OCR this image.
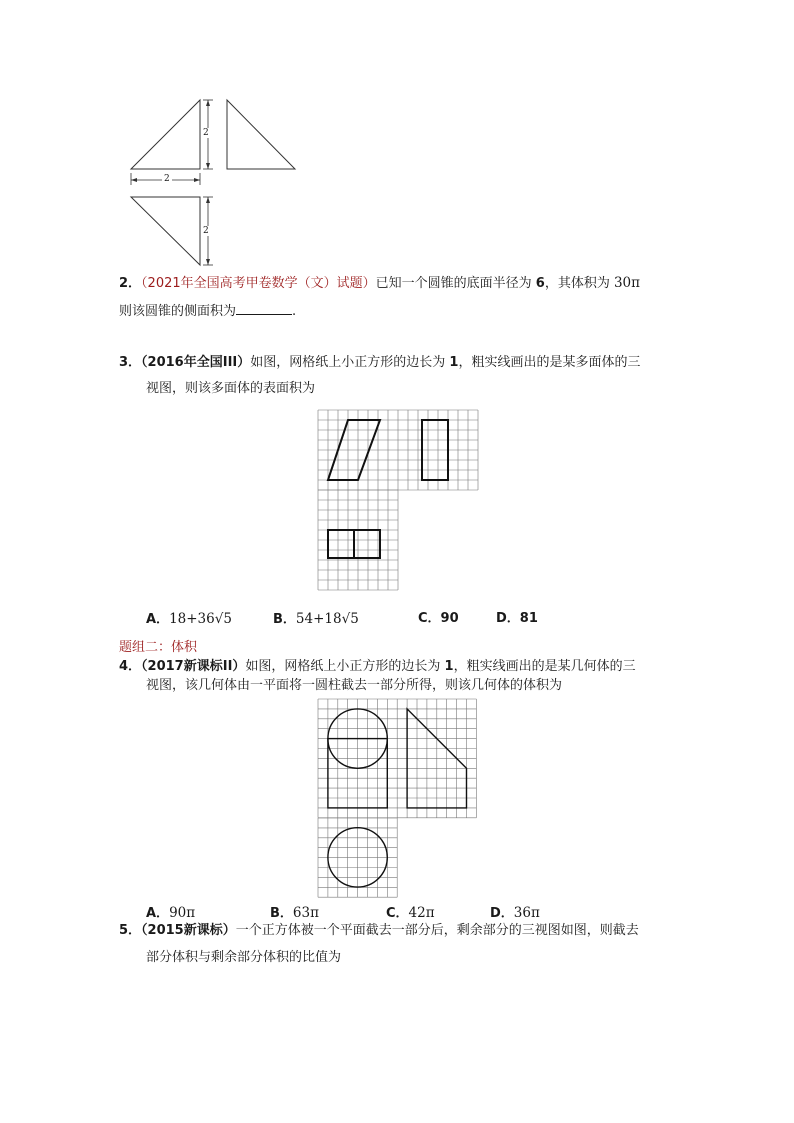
2
2
2
2．（2021年全国高考甲卷数学（文）试题）已知一个圆锥的底面半径为 6，其体积为 30π
则该圆锥的侧面积为	.
3．（2016年全国III）如图，网格纸上小正方形的边长为 1，粗实线画出的是某多面体的三
视图，则该多面体的表面积为
A．18+36√5	B．54+18√5	C．90	D．81
题组二：体积
4．（2017新课标II）如图，网格纸上小正方形的边长为 1，粗实线画出的是某几何体的三
视图，该几何体由一平面将一圆柱截去一部分所得，则该几何体的体积为
A．90π	B．63π	C．42π	D．36π
5．（2015新课标）一个正方体被一个平面截去一部分后，剩余部分的三视图如图，则截去
部分体积与剩余部分体积的比值为
